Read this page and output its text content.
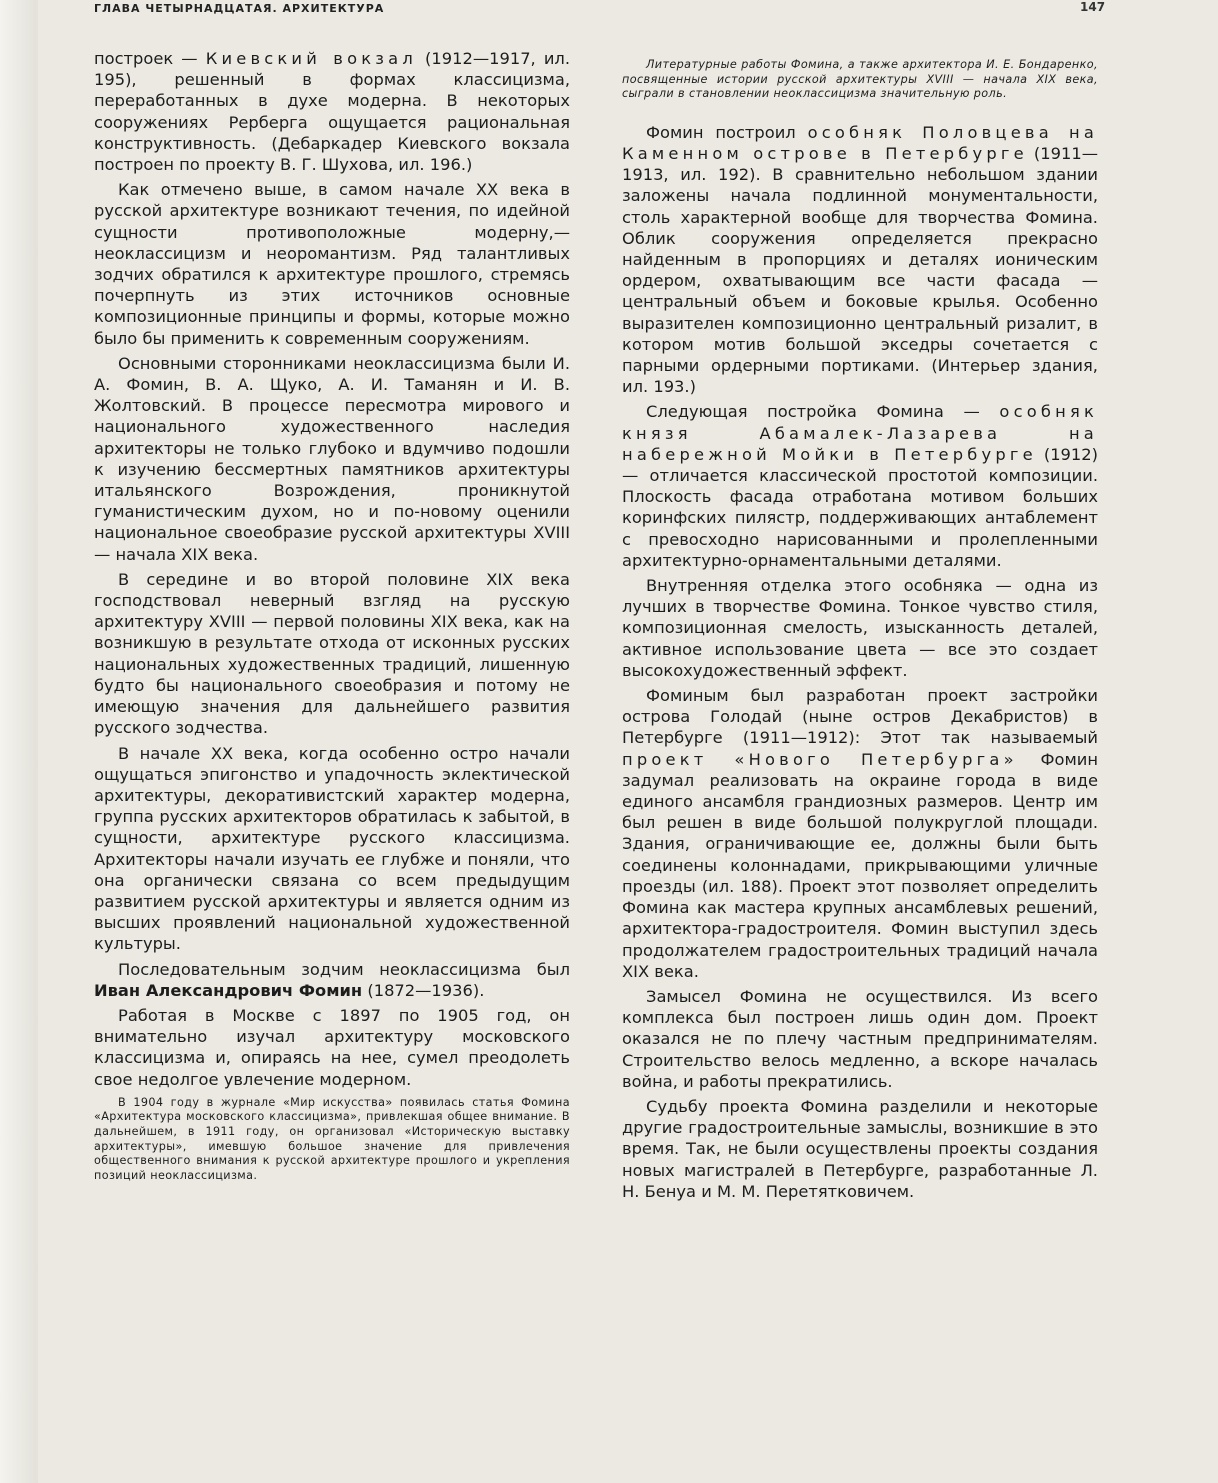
ГЛАВА ЧЕТЫРНАДЦАТАЯ. АРХИТЕКТУРА	147

построек — Киевский вокзал (1912—1917, ил. 195), решенный в формах классицизма, переработанных в духе модерна. В некоторых сооружениях Рерберга ощущается рациональная конструктивность. (Дебаркадер Киевского вокзала построен по проекту В. Г. Шухова, ил. 196.)

Как отмечено выше, в самом начале XX века в русской архитектуре возникают течения, по идейной сущности противоположные модерну,— неоклассицизм и неоромантизм. Ряд талантливых зодчих обратился к архитектуре прошлого, стремясь почерпнуть из этих источников основные композиционные принципы и формы, которые можно было бы применить к современным сооружениям.

Основными сторонниками неоклассицизма были И. А. Фомин, В. А. Щуко, А. И. Таманян и И. В. Жолтовский. В процессе пересмотра мирового и национального художественного наследия архитекторы не только глубоко и вдумчиво подошли к изучению бессмертных памятников архитектуры итальянского Возрождения, проникнутой гуманистическим духом, но и по-новому оценили национальное своеобразие русской архитектуры XVIII — начала XIX века.

В середине и во второй половине XIX века господствовал неверный взгляд на русскую архитектуру XVIII — первой половины XIX века, как на возникшую в результате отхода от исконных русских национальных художественных традиций, лишенную будто бы национального своеобразия и потому не имеющую значения для дальнейшего развития русского зодчества.

В начале XX века, когда особенно остро начали ощущаться эпигонство и упадочность эклектической архитектуры, декоративистский характер модерна, группа русских архитекторов обратилась к забытой, в сущности, архитектуре русского классицизма. Архитекторы начали изучать ее глубже и поняли, что она органически связана со всем предыдущим развитием русской архитектуры и является одним из высших проявлений национальной художественной культуры.

Последовательным зодчим неоклассицизма был Иван Александрович Фомин (1872—1936).

Работая в Москве с 1897 по 1905 год, он внимательно изучал архитектуру московского классицизма и, опираясь на нее, сумел преодолеть свое недолгое увлечение модерном.

В 1904 году в журнале «Мир искусства» появилась статья Фомина «Архитектура московского классицизма», привлекшая общее внимание. В дальнейшем, в 1911 году, он организовал «Историческую выставку архитектуры», имевшую большое значение для привлечения общественного внимания к русской архитектуре прошлого и укрепления позиций неоклассицизма.

Литературные работы Фомина, а также архитектора И. Е. Бондаренко, посвященные истории русской архитектуры XVIII — начала XIX века, сыграли в становлении неоклассицизма значительную роль.

Фомин построил особняк Половцева на Каменном острове в Петербурге (1911—1913, ил. 192). В сравнительно небольшом здании заложены начала подлинной монументальности, столь характерной вообще для творчества Фомина. Облик сооружения определяется прекрасно найденным в пропорциях и деталях ионическим ордером, охватывающим все части фасада — центральный объем и боковые крылья. Особенно выразителен композиционно центральный ризалит, в котором мотив большой экседры сочетается с парными ордерными портиками. (Интерьер здания, ил. 193.)

Следующая постройка Фомина — особняк князя Абамалек-Лазарева на набережной Мойки в Петербурге (1912) — отличается классической простотой композиции. Плоскость фасада отработана мотивом больших коринфских пилястр, поддерживающих антаблемент с превосходно нарисованными и пролепленными архитектурно-орнаментальными деталями.

Внутренняя отделка этого особняка — одна из лучших в творчестве Фомина. Тонкое чувство стиля, композиционная смелость, изысканность деталей, активное использование цвета — все это создает высокохудожественный эффект.

Фоминым был разработан проект застройки острова Голодай (ныне остров Декабристов) в Петербурге (1911—1912): Этот так называемый проект «Нового Петербурга» Фомин задумал реализовать на окраине города в виде единого ансамбля грандиозных размеров. Центр им был решен в виде большой полукруглой площади. Здания, ограничивающие ее, должны были быть соединены колоннадами, прикрывающими уличные проезды (ил. 188). Проект этот позволяет определить Фомина как мастера крупных ансамблевых решений, архитектора-градостроителя. Фомин выступил здесь продолжателем градостроительных традиций начала XIX века.

Замысел Фомина не осуществился. Из всего комплекса был построен лишь один дом. Проект оказался не по плечу частным предпринимателям. Строительство велось медленно, а вскоре началась война, и работы прекратились.

Судьбу проекта Фомина разделили и некоторые другие градостроительные замыслы, возникшие в это время. Так, не были осуществлены проекты создания новых магистралей в Петербурге, разработанные Л. Н. Бенуа и М. М. Перетятковичем.
